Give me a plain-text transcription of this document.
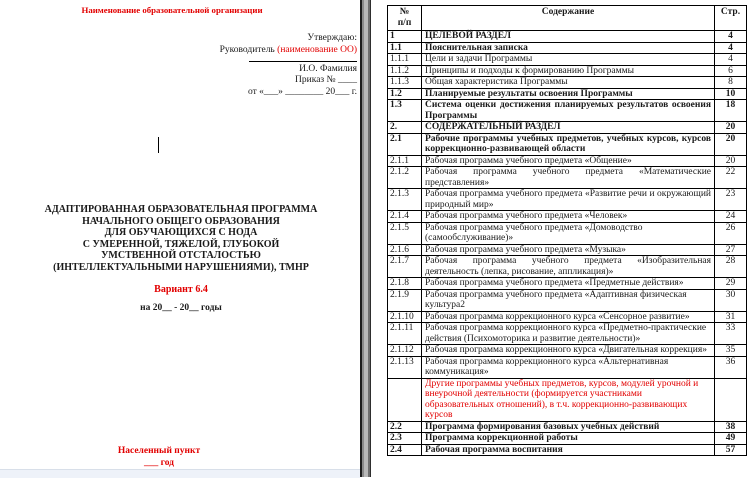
Наименование образовательной организации
Утверждаю:
Руководитель (наименование ОО)
И.О. Фамилия
Приказ № ____
от «___» ________ 20___ г.
АДАПТИРОВАННАЯ ОБРАЗОВАТЕЛЬНАЯ ПРОГРАММА
НАЧАЛЬНОГО ОБЩЕГО ОБРАЗОВАНИЯ
ДЛЯ ОБУЧАЮЩИХСЯ С НОДА
С УМЕРЕННОЙ, ТЯЖЕЛОЙ, ГЛУБОКОЙ
УМСТВЕННОЙ ОТСТАЛОСТЬЮ
(ИНТЕЛЛЕКТУАЛЬНЫМИ НАРУШЕНИЯМИ), ТМНР
Вариант 6.4
на 20__ - 20__ годы
Населенный пункт
___ год
№
п/п	Содержание	Стр.
1	ЦЕЛЕВОЙ РАЗДЕЛ	4
1.1	Пояснительная записка	4
1.1.1	Цели и задачи Программы	4
1.1.2	Принципы и подходы к формированию Программы	6
1.1.3	Общая характеристика Программы	8
1.2	Планируемые результаты освоения Программы	10
1.3	Система оценки достижения планируемых результатов освоения Программы	18
2.	СОДЕРЖАТЕЛЬНЫЙ РАЗДЕЛ	20
2.1	Рабочие программы учебных предметов, учебных курсов, курсов коррекционно-развивающей области	20
2.1.1	Рабочая программа учебного предмета «Общение»	20
2.1.2	Рабочая программа учебного предмета «Математические представления»	22
2.1.3	Рабочая программа учебного предмета «Развитие речи и окружающий природный мир»	23
2.1.4	Рабочая программа учебного предмета «Человек»	24
2.1.5	Рабочая программа учебного предмета «Домоводство (самообслуживание)»	26
2.1.6	Рабочая программа учебного предмета «Музыка»	27
2.1.7	Рабочая программа учебного предмета «Изобразительная деятельность (лепка, рисование, аппликация)»	28
2.1.8	Рабочая программа учебного предмета «Предметные действия»	29
2.1.9	Рабочая программа учебного предмета «Адаптивная физическая культура2	30
2.1.10	Рабочая программа коррекционного курса «Сенсорное развитие»	31
2.1.11	Рабочая программа коррекционного курса «Предметно-практические действия (Психомоторика и развитие деятельности)»	33
2.1.12	Рабочая программа коррекционного курса «Двигательная коррекция»	35
2.1.13	Рабочая программа коррекционного курса «Альтернативная коммуникация»	36
	Другие программы учебных предметов, курсов, модулей урочной и внеурочной деятельности (формируется участниками образовательных отношений), в т.ч. коррекционно-развивающих курсов	
2.2	Программа формирования базовых учебных действий	38
2.3	Программа коррекционной работы	49
2.4	Рабочая программа воспитания	57
